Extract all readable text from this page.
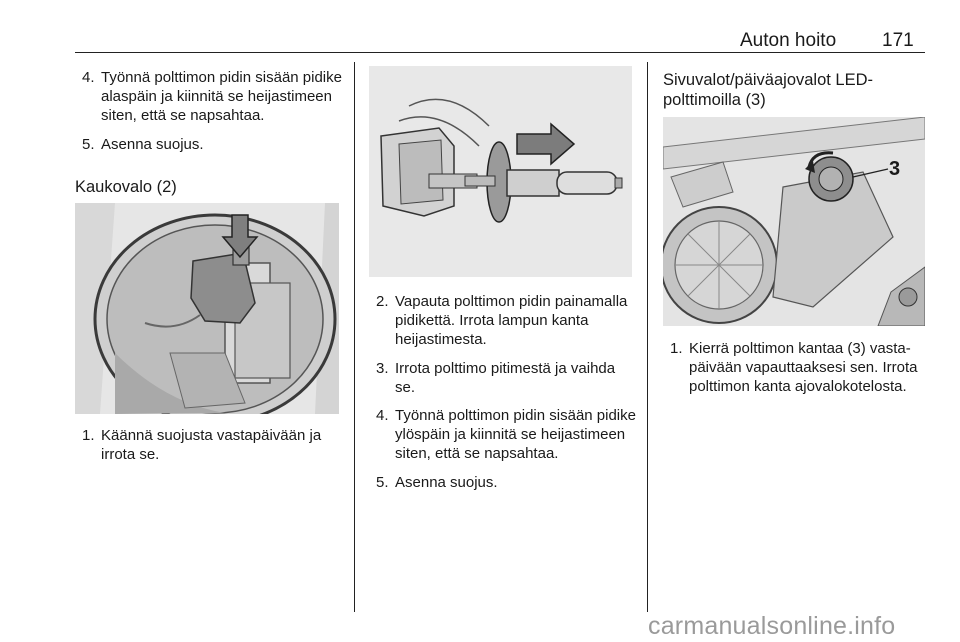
Auton hoito 171
4. Työnnä polttimon pidin sisään pidike alaspäin ja kiinnitä se heijastimeen siten, että se napsahtaa.
5. Asenna suojus.
Kaukovalo (2)
1. Käännä suojusta vastapäivään ja irrota se.
2. Vapauta polttimon pidin painamalla pidikettä. Irrota lampun kanta heijastimesta.
3. Irrota polttimo pitimestä ja vaihda se.
4. Työnnä polttimon pidin sisään pidike ylöspäin ja kiinnitä se heijastimeen siten, että se napsahtaa.
5. Asenna suojus.
Sivuvalot/päiväajovalot LED-polttimoilla (3)
3
1. Kierrä polttimon kantaa (3) vastapäivään vapauttaaksesi sen. Irrota polttimon kanta ajovalokotelosta.
carmanualsonline.info
